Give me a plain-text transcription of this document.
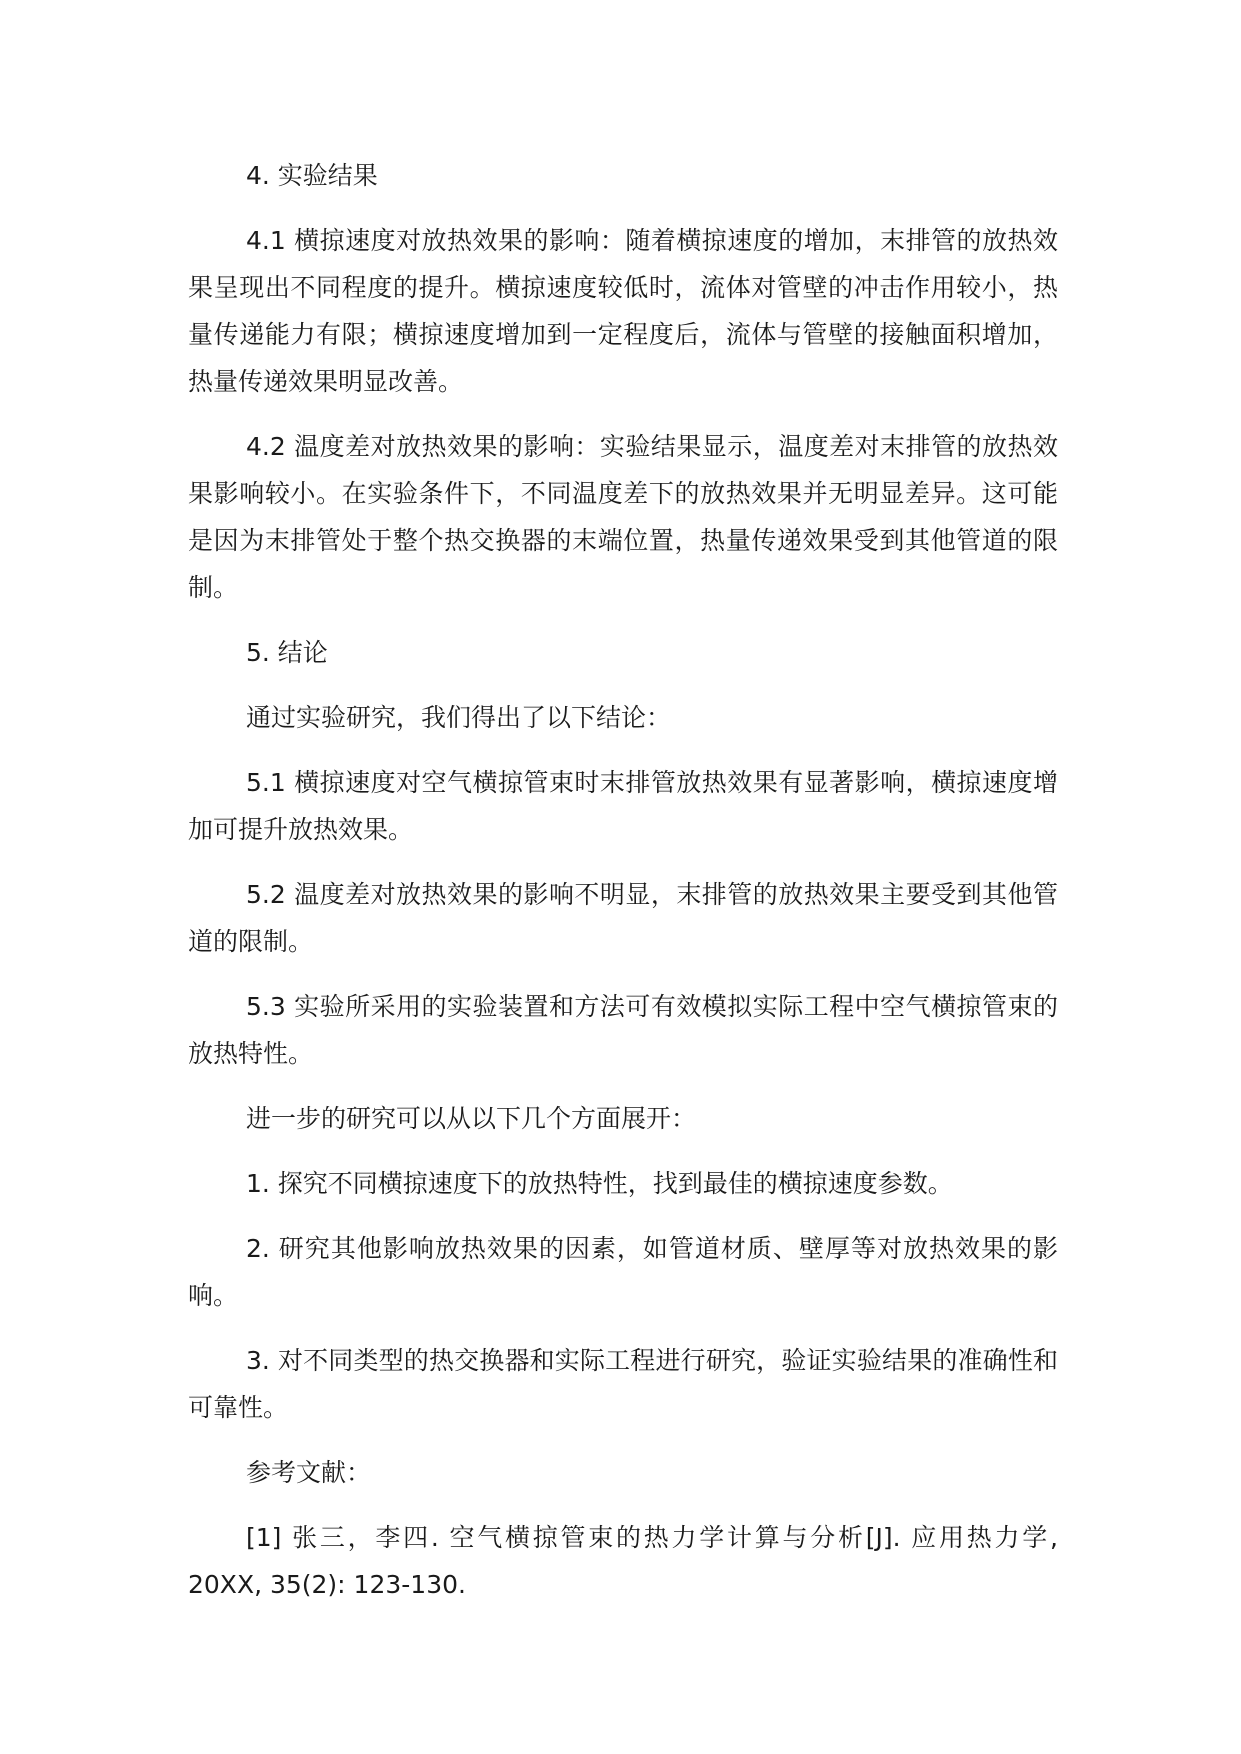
4. 实验结果

4.1 横掠速度对放热效果的影响：随着横掠速度的增加，末排管的放热效果呈现出不同程度的提升。横掠速度较低时，流体对管壁的冲击作用较小，热量传递能力有限；横掠速度增加到一定程度后，流体与管壁的接触面积增加，热量传递效果明显改善。

4.2 温度差对放热效果的影响：实验结果显示，温度差对末排管的放热效果影响较小。在实验条件下，不同温度差下的放热效果并无明显差异。这可能是因为末排管处于整个热交换器的末端位置，热量传递效果受到其他管道的限制。

5. 结论

通过实验研究，我们得出了以下结论：

5.1 横掠速度对空气横掠管束时末排管放热效果有显著影响，横掠速度增加可提升放热效果。

5.2 温度差对放热效果的影响不明显，末排管的放热效果主要受到其他管道的限制。

5.3 实验所采用的实验装置和方法可有效模拟实际工程中空气横掠管束的放热特性。

进一步的研究可以从以下几个方面展开：

1. 探究不同横掠速度下的放热特性，找到最佳的横掠速度参数。

2. 研究其他影响放热效果的因素，如管道材质、壁厚等对放热效果的影响。

3. 对不同类型的热交换器和实际工程进行研究，验证实验结果的准确性和可靠性。

参考文献：

[1] 张三，李四. 空气横掠管束的热力学计算与分析[J]. 应用热力学, 20XX, 35(2): 123-130.
